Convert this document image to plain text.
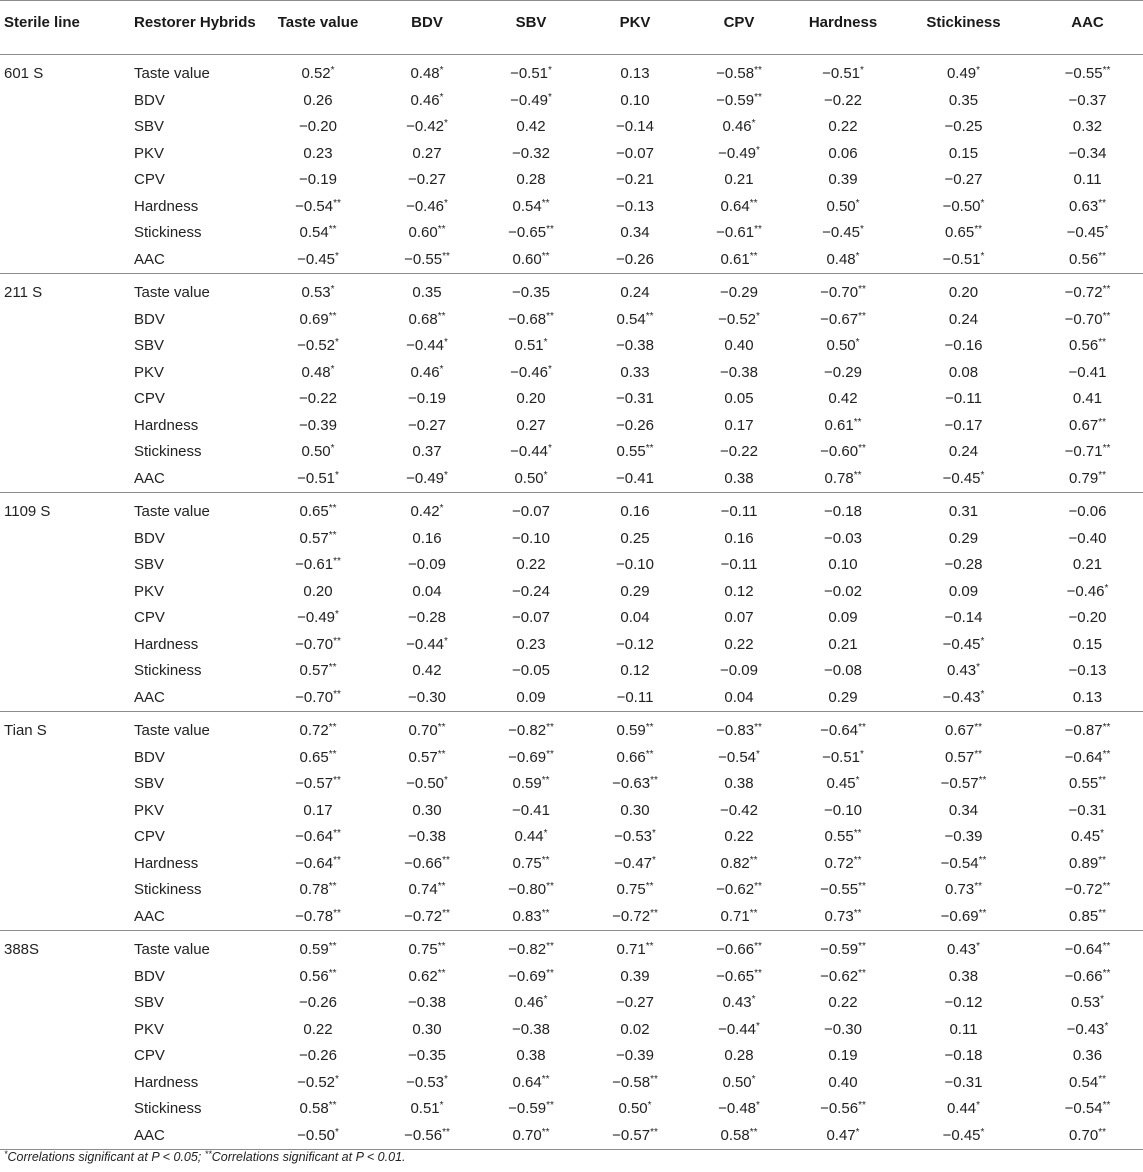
Sterile line	Restorer Hybrids	Taste value	BDV	SBV	PKV	CPV	Hardness	Stickiness	AAC
601 S	Taste value	0.52*	0.48*	−0.51*	0.13	−0.58**	−0.51*	0.49*	−0.55**
	BDV	0.26	0.46*	−0.49*	0.10	−0.59**	−0.22	0.35	−0.37
	SBV	−0.20	−0.42*	0.42	−0.14	0.46*	0.22	−0.25	0.32
	PKV	0.23	0.27	−0.32	−0.07	−0.49*	0.06	0.15	−0.34
	CPV	−0.19	−0.27	0.28	−0.21	0.21	0.39	−0.27	0.11
	Hardness	−0.54**	−0.46*	0.54**	−0.13	0.64**	0.50*	−0.50*	0.63**
	Stickiness	0.54**	0.60**	−0.65**	0.34	−0.61**	−0.45*	0.65**	−0.45*
	AAC	−0.45*	−0.55**	0.60**	−0.26	0.61**	0.48*	−0.51*	0.56**
211 S	Taste value	0.53*	0.35	−0.35	0.24	−0.29	−0.70**	0.20	−0.72**
	BDV	0.69**	0.68**	−0.68**	0.54**	−0.52*	−0.67**	0.24	−0.70**
	SBV	−0.52*	−0.44*	0.51*	−0.38	0.40	0.50*	−0.16	0.56**
	PKV	0.48*	0.46*	−0.46*	0.33	−0.38	−0.29	0.08	−0.41
	CPV	−0.22	−0.19	0.20	−0.31	0.05	0.42	−0.11	0.41
	Hardness	−0.39	−0.27	0.27	−0.26	0.17	0.61**	−0.17	0.67**
	Stickiness	0.50*	0.37	−0.44*	0.55**	−0.22	−0.60**	0.24	−0.71**
	AAC	−0.51*	−0.49*	0.50*	−0.41	0.38	0.78**	−0.45*	0.79**
1109 S	Taste value	0.65**	0.42*	−0.07	0.16	−0.11	−0.18	0.31	−0.06
	BDV	0.57**	0.16	−0.10	0.25	0.16	−0.03	0.29	−0.40
	SBV	−0.61**	−0.09	0.22	−0.10	−0.11	0.10	−0.28	0.21
	PKV	0.20	0.04	−0.24	0.29	0.12	−0.02	0.09	−0.46*
	CPV	−0.49*	−0.28	−0.07	0.04	0.07	0.09	−0.14	−0.20
	Hardness	−0.70**	−0.44*	0.23	−0.12	0.22	0.21	−0.45*	0.15
	Stickiness	0.57**	0.42	−0.05	0.12	−0.09	−0.08	0.43*	−0.13
	AAC	−0.70**	−0.30	0.09	−0.11	0.04	0.29	−0.43*	0.13
Tian S	Taste value	0.72**	0.70**	−0.82**	0.59**	−0.83**	−0.64**	0.67**	−0.87**
	BDV	0.65**	0.57**	−0.69**	0.66**	−0.54*	−0.51*	0.57**	−0.64**
	SBV	−0.57**	−0.50*	0.59**	−0.63**	0.38	0.45*	−0.57**	0.55**
	PKV	0.17	0.30	−0.41	0.30	−0.42	−0.10	0.34	−0.31
	CPV	−0.64**	−0.38	0.44*	−0.53*	0.22	0.55**	−0.39	0.45*
	Hardness	−0.64**	−0.66**	0.75**	−0.47*	0.82**	0.72**	−0.54**	0.89**
	Stickiness	0.78**	0.74**	−0.80**	0.75**	−0.62**	−0.55**	0.73**	−0.72**
	AAC	−0.78**	−0.72**	0.83**	−0.72**	0.71**	0.73**	−0.69**	0.85**
388S	Taste value	0.59**	0.75**	−0.82**	0.71**	−0.66**	−0.59**	0.43*	−0.64**
	BDV	0.56**	0.62**	−0.69**	0.39	−0.65**	−0.62**	0.38	−0.66**
	SBV	−0.26	−0.38	0.46*	−0.27	0.43*	0.22	−0.12	0.53*
	PKV	0.22	0.30	−0.38	0.02	−0.44*	−0.30	0.11	−0.43*
	CPV	−0.26	−0.35	0.38	−0.39	0.28	0.19	−0.18	0.36
	Hardness	−0.52*	−0.53*	0.64**	−0.58**	0.50*	0.40	−0.31	0.54**
	Stickiness	0.58**	0.51*	−0.59**	0.50*	−0.48*	−0.56**	0.44*	−0.54**
	AAC	−0.50*	−0.56**	0.70**	−0.57**	0.58**	0.47*	−0.45*	0.70**
*Correlations significant at P < 0.05; **Correlations significant at P < 0.01.
